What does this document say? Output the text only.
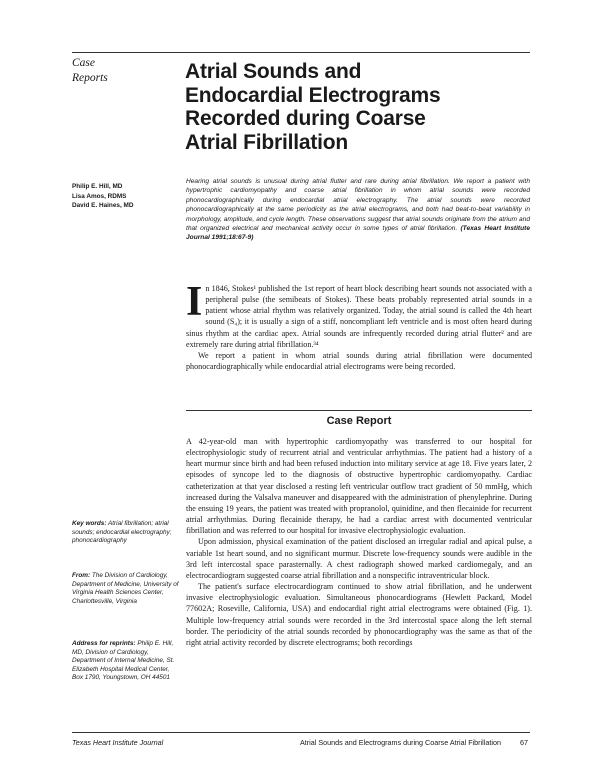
Case
Reports	Atrial Sounds and
Endocardial Electrograms
Recorded during Coarse
Atrial Fibrillation
Philip E. Hill, MD
Lisa Amos, RDMS
David E. Haines, MD
Hearing atrial sounds is unusual during atrial flutter and rare during atrial fibrillation. We report a patient with hypertrophic cardiomyopathy and coarse atrial fibrillation in whom atrial sounds were recorded phonocardiographically during endocardial atrial electrography. The atrial sounds were recorded phonocardiographically at the same periodicity as the atrial electrograms, and both had beat-to-beat variability in morphology, amplitude, and cycle length. These observations suggest that atrial sounds originate from the atrium and that organized electrical and mechanical activity occur in some types of atrial fibrillation. (Texas Heart Institute Journal 1991;18:67-9)
In 1846, Stokes¹ published the 1st report of heart block describing heart sounds not associated with a peripheral pulse (the semibeats of Stokes). These beats probably represented atrial sounds in a patient whose atrial rhythm was relatively organized. Today, the atrial sound is called the 4th heart sound (S₄); it is usually a sign of a stiff, noncompliant left ventricle and is most often heard during sinus rhythm at the cardiac apex. Atrial sounds are infrequently recorded during atrial flutter² and are extremely rare during atrial fibrillation.³⁴
We report a patient in whom atrial sounds during atrial fibrillation were documented phonocardiographically while endocardial atrial electrograms were being recorded.
Case Report
A 42-year-old man with hypertrophic cardiomyopathy was transferred to our hospital for electrophysiologic study of recurrent atrial and ventricular arrhythmias. The patient had a history of a heart murmur since birth and had been refused induction into military service at age 18. Five years later, 2 episodes of syncope led to the diagnosis of obstructive hypertrophic cardiomyopathy. Cardiac catheterization at that year disclosed a resting left ventricular outflow tract gradient of 50 mmHg, which increased during the Valsalva maneuver and disappeared with the administration of phenylephrine. During the ensuing 19 years, the patient was treated with propranolol, quinidine, and then flecainide for recurrent atrial arrhythmias. During flecainide therapy, he had a cardiac arrest with documented ventricular fibrillation and was referred to our hospital for invasive electrophysiologic evaluation.
Upon admission, physical examination of the patient disclosed an irregular radial and apical pulse, a variable 1st heart sound, and no significant murmur. Discrete low-frequency sounds were audible in the 3rd left intercostal space parasternally. A chest radiograph showed marked cardiomegaly, and an electrocardiogram suggested coarse atrial fibrillation and a nonspecific intraventricular block.
The patient's surface electrocardiogram continued to show atrial fibrillation, and he underwent invasive electrophysiologic evaluation. Simultaneous phonocardiograms (Hewlett Packard, Model 77602A; Roseville, California, USA) and endocardial right atrial electrograms were obtained (Fig. 1). Multiple low-frequency atrial sounds were recorded in the 3rd intercostal space along the left sternal border. The periodicity of the atrial sounds recorded by phonocardiography was the same as that of the right atrial activity recorded by discrete electrograms; both recordings
Key words: Atrial fibrillation; atrial sounds; endocardial electrography; phonocardiography
From: The Division of Cardiology, Department of Medicine, University of Virginia Health Sciences Center, Charlottesville, Virginia
Address for reprints: Philip E. Hill, MD, Division of Cardiology, Department of Internal Medicine, St. Elizabeth Hospital Medical Center, Box 1790, Youngstown, OH 44501
Texas Heart Institute Journal	Atrial Sounds and Electrograms during Coarse Atrial Fibrillation	67
